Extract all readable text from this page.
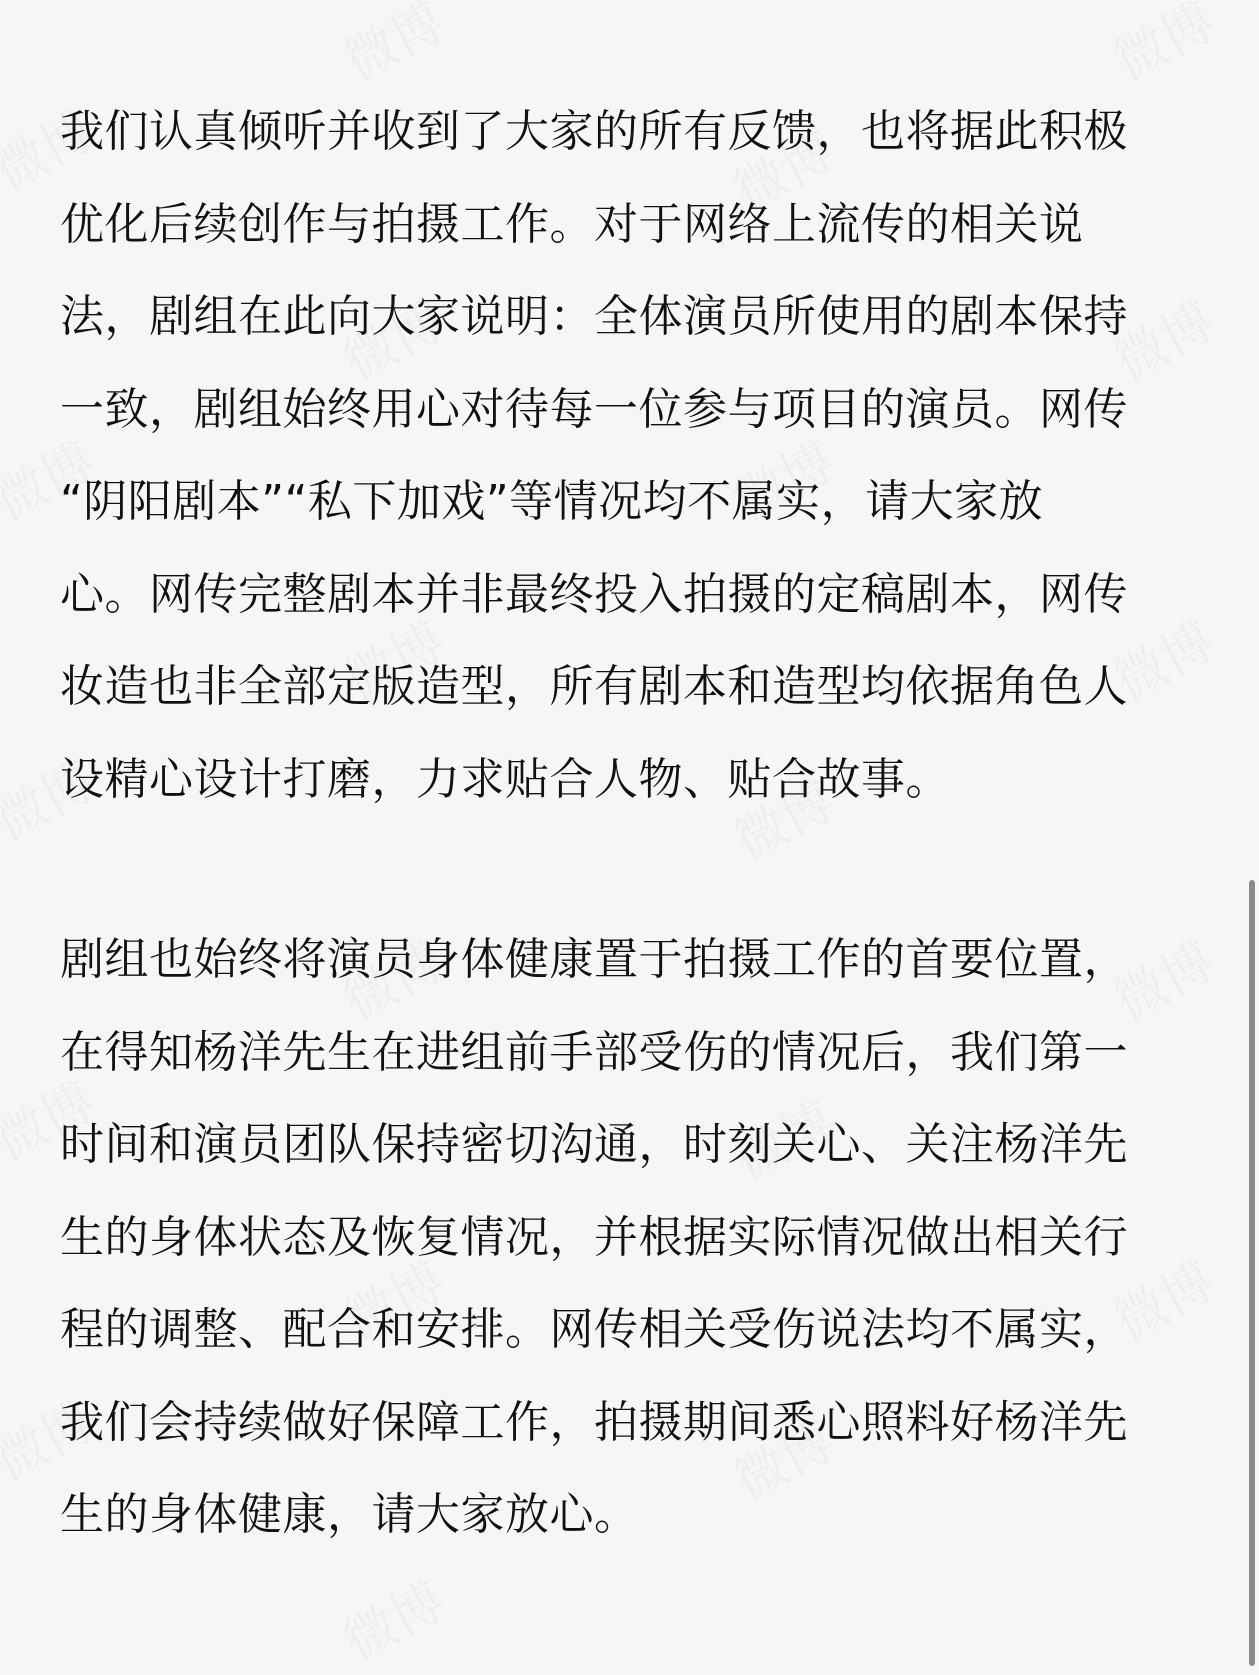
我们认真倾听并收到了大家的所有反馈，也将据此积极
优化后续创作与拍摄工作。对于网络上流传的相关说
法，剧组在此向大家说明：全体演员所使用的剧本保持
一致，剧组始终用心对待每一位参与项目的演员。网传
“阴阳剧本”“私下加戏”等情况均不属实，请大家放
心。网传完整剧本并非最终投入拍摄的定稿剧本，网传
妆造也非全部定版造型，所有剧本和造型均依据角色人
设精心设计打磨，力求贴合人物、贴合故事。
剧组也始终将演员身体健康置于拍摄工作的首要位置，
在得知杨洋先生在进组前手部受伤的情况后，我们第一
时间和演员团队保持密切沟通，时刻关心、关注杨洋先
生的身体状态及恢复情况，并根据实际情况做出相关行
程的调整、配合和安排。网传相关受伤说法均不属实，
我们会持续做好保障工作，拍摄期间悉心照料好杨洋先
生的身体健康，请大家放心。
